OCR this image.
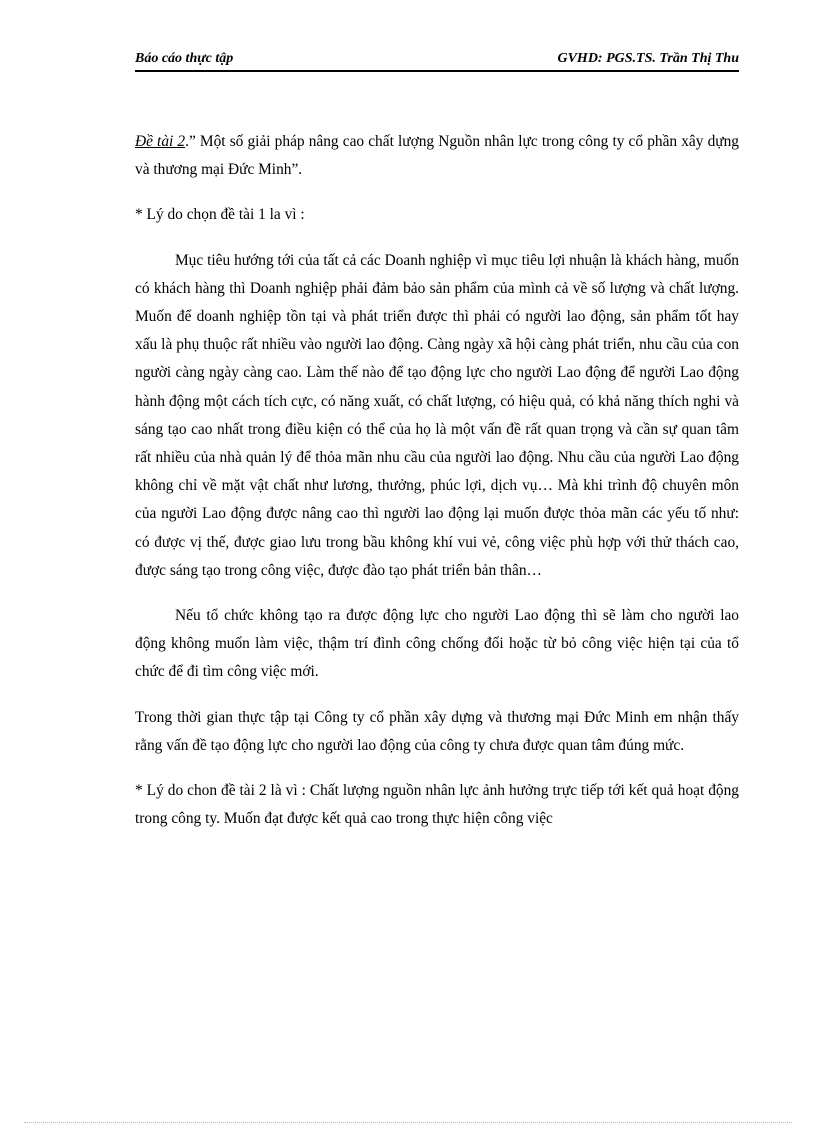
Báo cáo thực tập	GVHD: PGS.TS. Trần Thị Thu

Đề tài 2.” Một số giải pháp nâng cao chất lượng Nguồn nhân lực trong công ty cổ phần xây dựng và thương mại Đức Minh”.

* Lý do chọn đề tài 1 la vì :

Mục tiêu hướng tới của tất cả các Doanh nghiệp vì mục tiêu lợi nhuận là khách hàng, muốn có khách hàng thì Doanh nghiệp phải đảm bảo sản phẩm của mình cả về số lượng và chất lượng. Muốn để doanh nghiệp tồn tại và phát triển được thì phải có người lao động, sản phẩm tốt hay xấu là phụ thuộc rất nhiều vào người lao động. Càng ngày xã hội càng phát triển, nhu cầu của con người càng ngày càng cao. Làm thế nào để tạo động lực cho người Lao động để người Lao động hành động một cách tích cực, có năng xuất, có chất lượng, có hiệu quả, có khả năng thích nghi và sáng tạo cao nhất trong điều kiện có thể của họ là một vấn đề rất quan trọng và cần sự quan tâm rất nhiều của nhà quản lý để thỏa mãn nhu cầu của người lao động. Nhu cầu của người Lao động không chỉ về mặt vật chất như lương, thưởng, phúc lợi, dịch vụ… Mà khi trình độ chuyên môn của người Lao động được nâng cao thì người lao động lại muốn được thỏa mãn các yếu tố như: có được vị thế, được giao lưu trong bầu không khí vui vẻ, công việc phù hợp với thử thách cao, được sáng tạo trong công việc, được đào tạo phát triển bản thân…

Nếu tổ chức không tạo ra được động lực cho người Lao động thì sẽ làm cho người lao động không muốn làm việc, thậm trí đình công chống đối hoặc từ bỏ công việc hiện tại của tổ chức để đi tìm công việc mới.

Trong thời gian thực tập tại Công ty cổ phần xây dựng và thương mại Đức Minh em nhận thấy rằng vấn đề tạo động lực cho người lao động của công ty chưa được quan tâm đúng mức.

* Lý do chon đề tài 2 là vì : Chất lượng nguồn nhân lực ảnh hưởng trực tiếp tới kết quả hoạt động trong công ty. Muốn đạt được kết quả cao trong thực hiện công việc
